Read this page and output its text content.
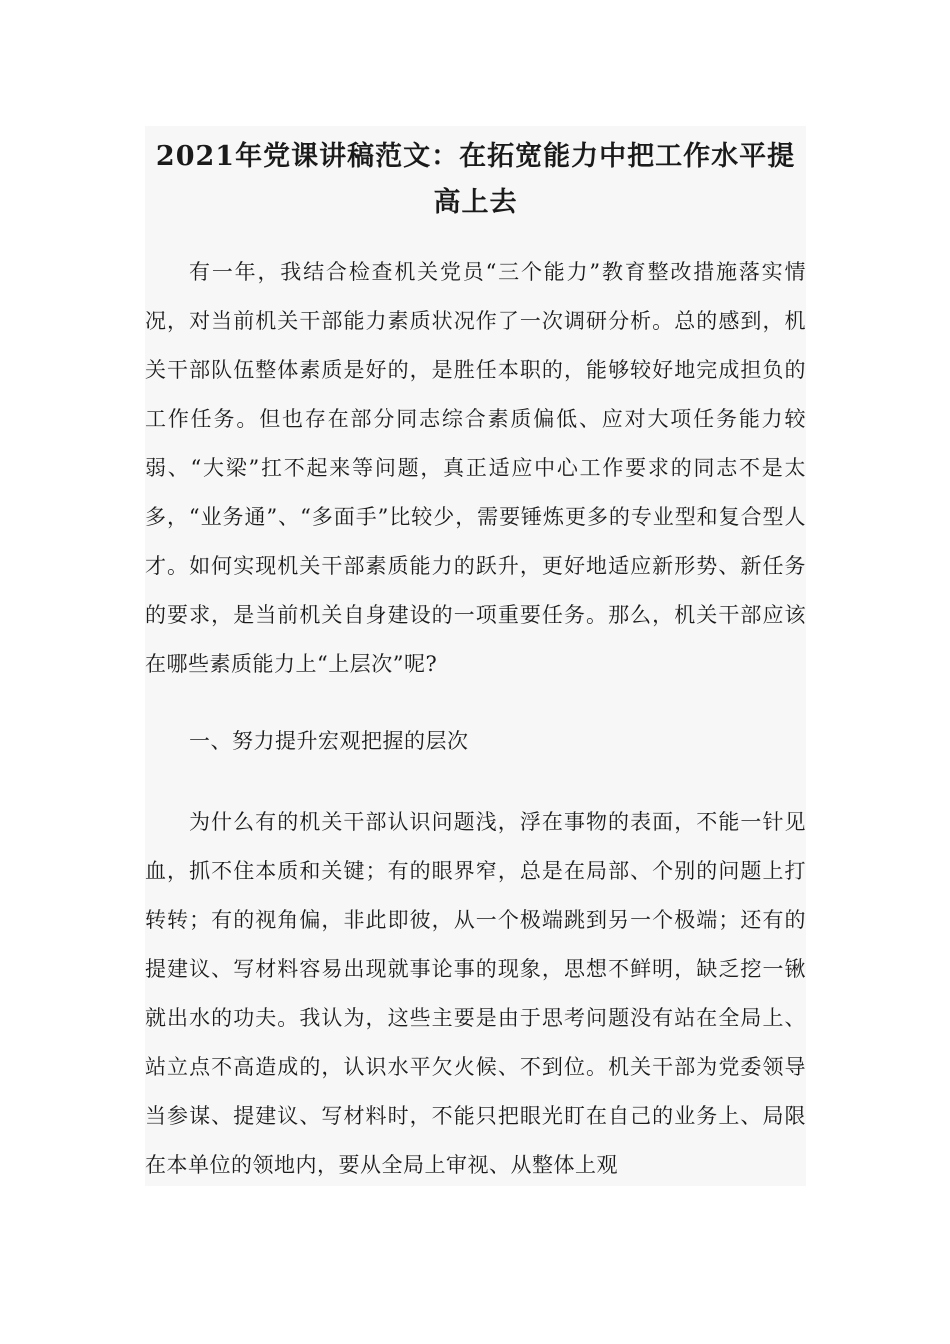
2021年党课讲稿范文：在拓宽能力中把工作水平提高上去

有一年，我结合检查机关党员“三个能力”教育整改措施落实情况，对当前机关干部能力素质状况作了一次调研分析。总的感到，机关干部队伍整体素质是好的，是胜任本职的，能够较好地完成担负的工作任务。但也存在部分同志综合素质偏低、应对大项任务能力较弱、“大梁”扛不起来等问题，真正适应中心工作要求的同志不是太多，“业务通”、“多面手”比较少，需要锤炼更多的专业型和复合型人才。如何实现机关干部素质能力的跃升，更好地适应新形势、新任务的要求，是当前机关自身建设的一项重要任务。那么，机关干部应该在哪些素质能力上“上层次”呢?

一、努力提升宏观把握的层次

为什么有的机关干部认识问题浅，浮在事物的表面，不能一针见血，抓不住本质和关键；有的眼界窄，总是在局部、个别的问题上打转转；有的视角偏，非此即彼，从一个极端跳到另一个极端；还有的提建议、写材料容易出现就事论事的现象，思想不鲜明，缺乏挖一锹就出水的功夫。我认为，这些主要是由于思考问题没有站在全局上、站立点不高造成的，认识水平欠火候、不到位。机关干部为党委领导当参谋、提建议、写材料时，不能只把眼光盯在自己的业务上、局限在本单位的领地内，要从全局上审视、从整体上观
